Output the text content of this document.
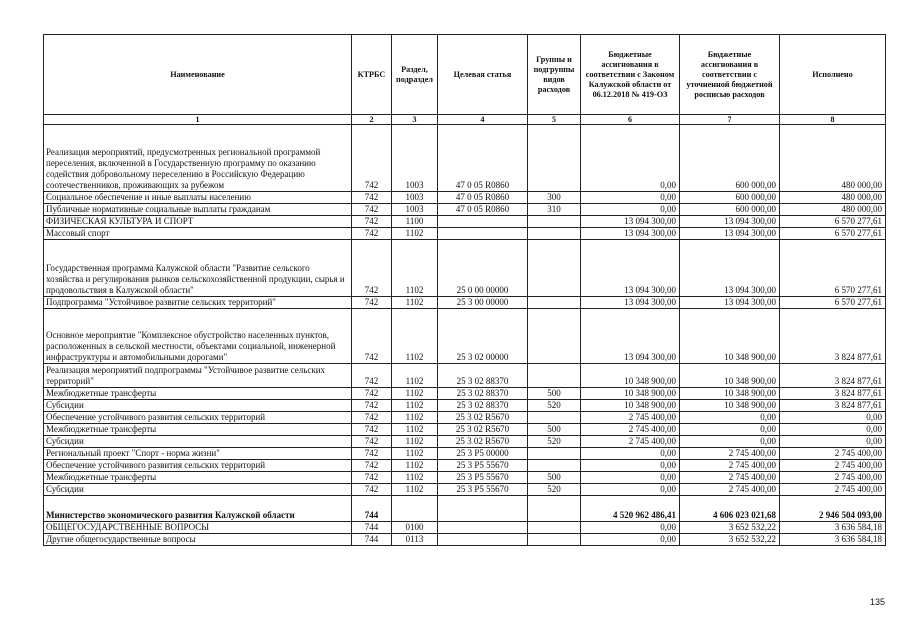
Наименование	КТРБС	Раздел, подраздел	Целевая статья	Группы и подгруппы видов расходов	Бюджетные ассигнования в соответствии с Законом Калужской области от 06.12.2018 № 419-ОЗ	Бюджетные ассигнования в соответствии с уточненной бюджетной росписью расходов	Исполнено
1	2	3	4	5	6	7	8
Реализация мероприятий, предусмотренных региональной программой переселения, включенной в Государственную программу по оказанию содействия добровольному переселению в Российскую Федерацию соотечественников, проживающих за рубежом	742	1003	47 0 05 R0860		0,00	600 000,00	480 000,00
Социальное обеспечение и иные выплаты населению	742	1003	47 0 05 R0860	300	0,00	600 000,00	480 000,00
Публичные нормативные социальные выплаты гражданам	742	1003	47 0 05 R0860	310	0,00	600 000,00	480 000,00
ФИЗИЧЕСКАЯ КУЛЬТУРА И СПОРТ	742	1100			13 094 300,00	13 094 300,00	6 570 277,61
Массовый спорт	742	1102			13 094 300,00	13 094 300,00	6 570 277,61
Государственная программа Калужской области "Развитие сельского хозяйства и регулирования рынков сельскохозяйственной продукции, сырья и продовольствия в Калужской области"	742	1102	25 0 00 00000		13 094 300,00	13 094 300,00	6 570 277,61
Подпрограмма "Устойчивое развитие сельских территорий"	742	1102	25 3 00 00000		13 094 300,00	13 094 300,00	6 570 277,61
Основное мероприятие "Комплексное обустройство населенных пунктов, расположенных в сельской местности, объектами социальной, инженерной инфраструктуры и автомобильными дорогами"	742	1102	25 3 02 00000		13 094 300,00	10 348 900,00	3 824 877,61
Реализация мероприятий подпрограммы "Устойчивое развитие сельских территорий"	742	1102	25 3 02 88370		10 348 900,00	10 348 900,00	3 824 877,61
Межбюджетные трансферты	742	1102	25 3 02 88370	500	10 348 900,00	10 348 900,00	3 824 877,61
Субсидии	742	1102	25 3 02 88370	520	10 348 900,00	10 348 900,00	3 824 877,61
Обеспечение устойчивого развития сельских территорий	742	1102	25 3 02 R5670		2 745 400,00	0,00	0,00
Межбюджетные трансферты	742	1102	25 3 02 R5670	500	2 745 400,00	0,00	0,00
Субсидии	742	1102	25 3 02 R5670	520	2 745 400,00	0,00	0,00
Региональный проект "Спорт - норма жизни"	742	1102	25 3 P5 00000		0,00	2 745 400,00	2 745 400,00
Обеспечение устойчивого развития сельских территорий	742	1102	25 3 P5 55670		0,00	2 745 400,00	2 745 400,00
Межбюджетные трансферты	742	1102	25 3 P5 55670	500	0,00	2 745 400,00	2 745 400,00
Субсидии	742	1102	25 3 P5 55670	520	0,00	2 745 400,00	2 745 400,00
Министерство экономического развития Калужской области	744				4 520 962 486,41	4 606 023 021,68	2 946 504 093,00
ОБЩЕГОСУДАРСТВЕННЫЕ ВОПРОСЫ	744	0100			0,00	3 652 532,22	3 636 584,18
Другие общегосударственные вопросы	744	0113			0,00	3 652 532,22	3 636 584,18
135
